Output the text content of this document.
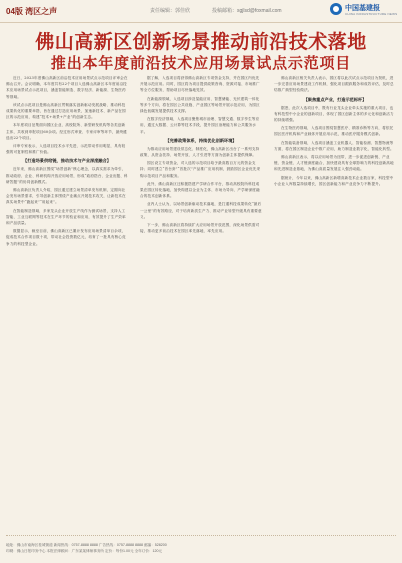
04版 湾区之声	责任编辑：郭佳欣	投稿邮箱：sgjlsd@foxmail.com	中国基建报
CHINA INFRASTRUCTURE NEWS
佛山高新区创新场景推动前沿技术落地
推出本年度前沿技术应用场景试点示范项目

近日，2023年度佛山高新区前沿技术应用场景试点示范项目评审会在佛山召开。会议明确，本年度共有22个项目入选佛山高新区本年度前沿技术应用场景试点示范项目，涵盖智能制造、数字经济、新能源、生物医药等领域。

该试点示范项目是佛山高新区贯彻落实创新驱动发展战略、推动科技成果转化的重要举措，旨在通过打造应用场景，加速新技术、新产品在园区的示范应用，构建“技术+场景+产业”的创新生态。

本年度项目征集面向园区企业、高校院所、新型研发机构等各类创新主体，共收到申报项目60余项。经过形式审查、专家评审等环节，最终遴选出22个项目。

评审专家表示，入选项目技术水平先进、示范带动作用明显，具有较强的可复制性和推广价值。

【打造场景供给链，推动技术与产业深度融合】

近年来，佛山高新区围绕“场景创新”核心理念，以真实需求为牵引，推动政府、企业、科研机构开放应用场景，形成“政府搭台、企业出题、科研答题”的协同创新模式。

佛山高新区负责人介绍，园区通过建立场景清单发布机制，定期向社会发布场景需求，引导创新主体围绕产业痛点开展技术攻关，让新技术在真实场景中“跑起来”“用起来”。

在智能制造领域，多家龙头企业开放生产线作为测试场景，支持人工智能、工业互联网等技术在生产环节的验证和应用，有效提升了生产效率和产品质量。

数据显示，截至目前，佛山高新区已累计发布应用场景清单百余项，促成技术合作项目数十项，带动社会投资数亿元，培育了一批具有核心竞争力的科技型企业。

据了解，入选项目将获得佛山高新区专项资金支持，并在园区内优先开展示范应用。同时，园区将为项目提供政策咨询、资源对接、市场推广等全方位服务，帮助项目尽快落地见效。

在新能源领域，入选项目涉及氢能应用、智慧储能、光伏建筑一体化等多个方向，将在园区公共设施、产业园区等场景开展示范应用，为园区绿色低碳发展提供技术支撑。

在数字经济领域，入选项目聚焦城市治理、智慧交通、数字孪生等应用，通过大数据、云计算等技术手段，提升园区治理能力和公共服务水平。

【完善政策体系，持续优化创新环境】

为推动应用场景建设常态化、制度化，佛山高新区出台了一系列支持政策，从资金扶持、场景开放、人才引进等方面为创新主体提供保障。

园区设立专项资金，对入选的示范项目给予最高数百万元的资金支持；同时建立“首台套”“首批次”产品推广应用机制，鼓励园区企业优先采购示范项目产品和服务。

此外，佛山高新区还积极搭建产学研合作平台，推动高校院所科技成果在园区转化落地，加快构建以企业为主体、市场为导向、产学研深度融合的技术创新体系。

业内人士认为，以场景创新驱动技术落地，是打通科技成果转化“最后一公里”的有效路径，对于培育新质生产力、推动产业转型升级具有重要意义。

下一步，佛山高新区将持续扩大应用场景开放范围，深化场景供需对接，推动更多前沿技术在园区率先落地、率先应用。

佛山高新区相关负责人表示，园区将以此次试点示范项目为契机，进一步完善应用场景建设工作机制，强化项目跟踪服务和成效评估，及时总结推广典型经验做法。

【聚焦重点产业，打造示范标杆】

据悉，此次入选项目中，既有行业龙头企业牵头实施的重大项目，也有科技型中小企业的创新项目，体现了园区创新主体的多元化和创新活力的持续增强。

在生物医药领域，入选项目围绕智慧医疗、精准诊断等方向，将依托园区医疗机构和产业载体开展应用示范，推动医疗服务模式创新。

在智能装备领域，入选项目涵盖工业机器人、智能检测、智慧物流等方面，将在园区制造企业中推广应用，助力制造业数字化、智能化转型。

佛山高新区表示，将以应用场景为纽带，进一步促进创新链、产业链、资金链、人才链深度融合，加快建设具有全球影响力的科技创新高地和先进制造业基地，为佛山高质量发展注入强劲动能。

据统计，今年以来，佛山高新区新增高新技术企业数百家，科技型中小企业入库数量持续增长，园区创新能力和产业竞争力不断提升。

地址：佛山市南海区桂城街道 新闻热线：0757-8888 8888 广告热线：0757-8888 8888 邮编：528200
印刷：佛山日报印务中心 本报法律顾问：广东某某律师事务所 定价：每份1.00元 全年订价：120元
